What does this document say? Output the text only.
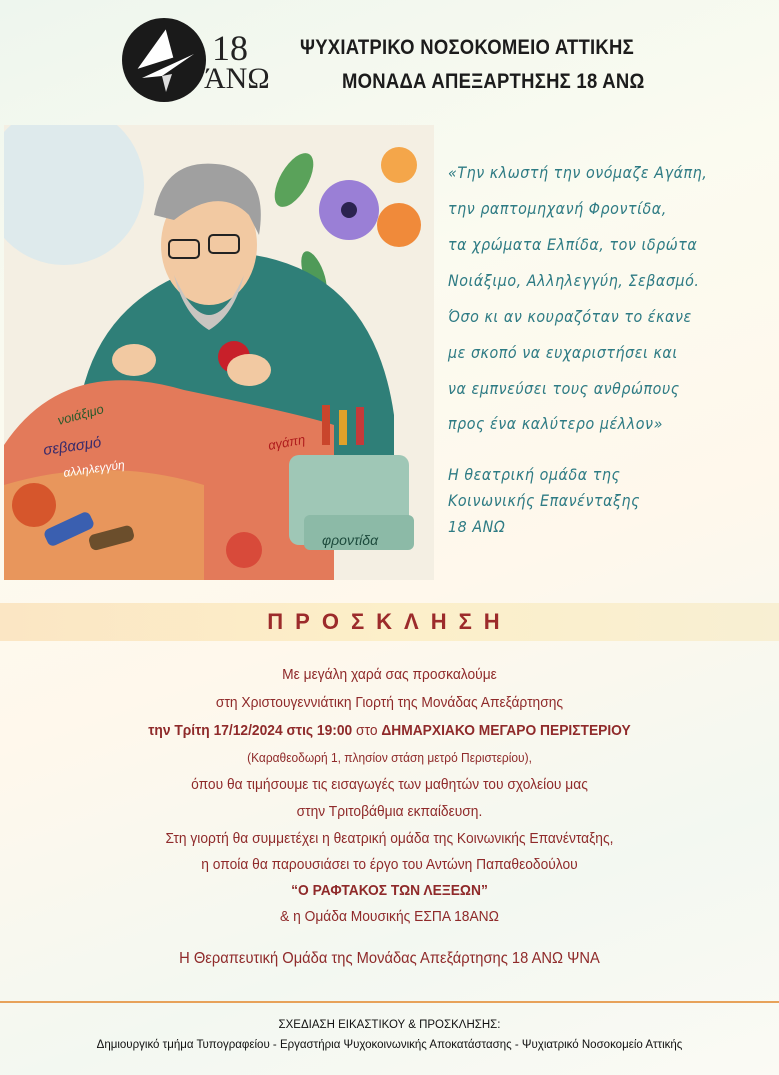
18
ΆΝΩ
ΨΥΧΙΑΤΡΙΚΟ ΝΟΣΟΚΟΜΕΙΟ ΑΤΤΙΚΗΣ
ΜΟΝΑΔΑ ΑΠΕΞΑΡΤΗΣΗΣ 18 ΑΝΩ
νοιάξιμο
σεβασμό
αλληλεγγύη
αγάπη
φροντίδα
«Την κλωστή την ονόμαζε Αγάπη,
την ραπτομηχανή Φροντίδα,
τα χρώματα Ελπίδα, τον ιδρώτα
Νοιάξιμο, Αλληλεγγύη, Σεβασμό.
Όσο κι αν κουραζόταν το έκανε
με σκοπό να ευχαριστήσει και
να εμπνεύσει τους ανθρώπους
προς ένα καλύτερο μέλλον»
Η θεατρική ομάδα της
Κοινωνικής Επανένταξης
18 ΑΝΩ
ΠΡΟΣΚΛΗΣΗ
Με μεγάλη χαρά σας προσκαλούμε
στη Χριστουγεννιάτικη Γιορτή της Μονάδας Απεξάρτησης
την Τρίτη 17/12/2024 στις 19:00 στο ΔΗΜΑΡΧΙΑΚΟ ΜΕΓΑΡΟ ΠΕΡΙΣΤΕΡΙΟΥ
(Καραθεοδωρή 1, πλησίον στάση μετρό Περιστερίου),
όπου θα τιμήσουμε τις εισαγωγές των μαθητών του σχολείου μας
στην Τριτοβάθμια εκπαίδευση.
Στη γιορτή θα συμμετέχει η θεατρική ομάδα της Κοινωνικής Επανένταξης,
η οποία θα παρουσιάσει το έργο του Αντώνη Παπαθεοδούλου
“Ο ΡΑΦΤΑΚΟΣ ΤΩΝ ΛΕΞΕΩΝ”
& η Ομάδα Μουσικής ΕΣΠΑ 18ΑΝΩ
Η Θεραπευτική Ομάδα της Μονάδας Απεξάρτησης 18 ΑΝΩ ΨΝΑ
ΣΧΕΔΙΑΣΗ ΕΙΚΑΣΤΙΚΟΥ & ΠΡΟΣΚΛΗΣΗΣ:
Δημιουργικό τμήμα Τυπογραφείου - Εργαστήρια Ψυχοκοινωνικής Αποκατάστασης - Ψυχιατρικό Νοσοκομείο Αττικής
